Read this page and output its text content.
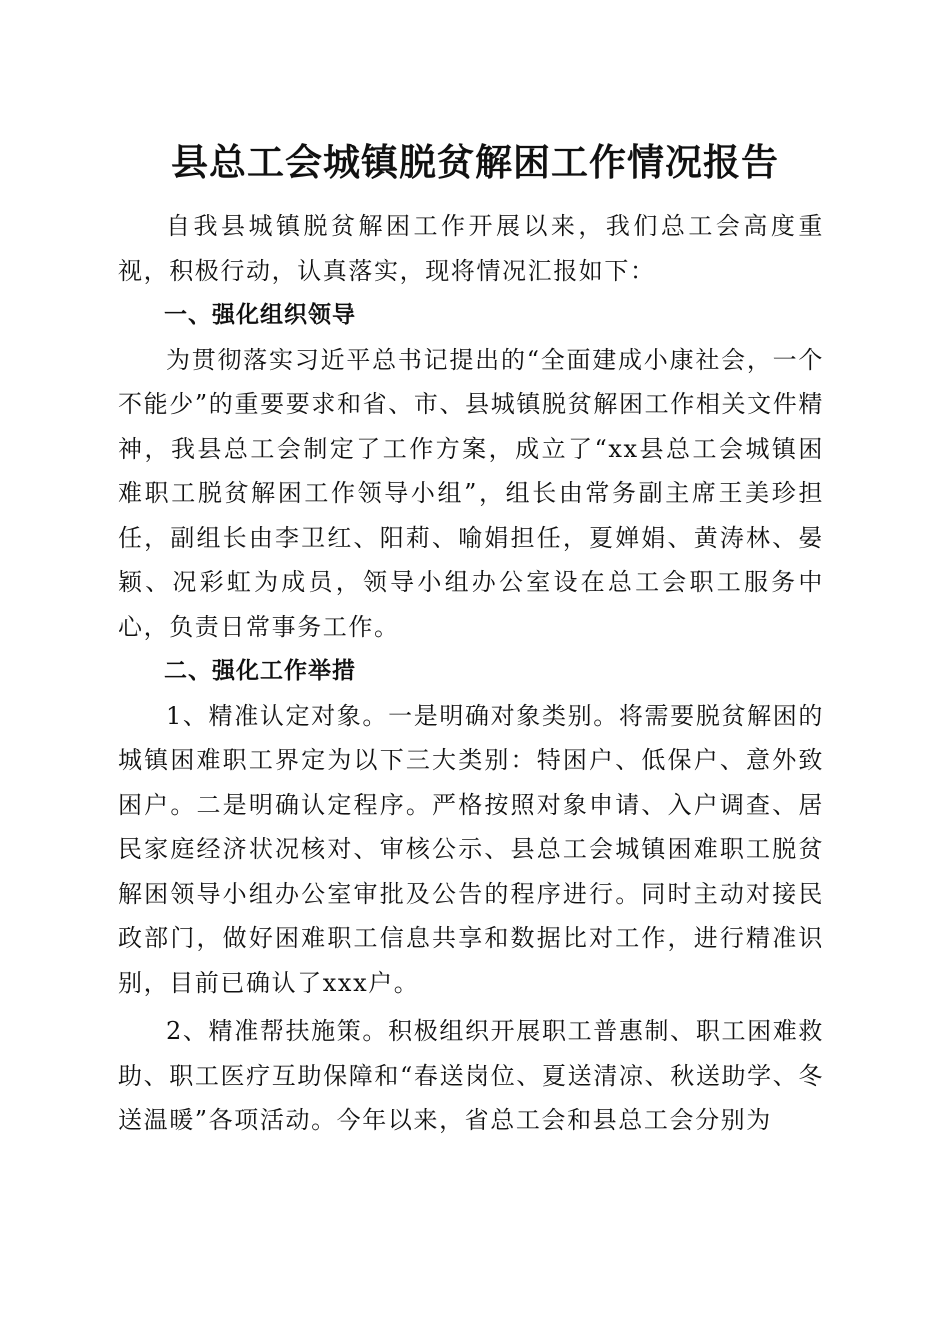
县总工会城镇脱贫解困工作情况报告

自我县城镇脱贫解困工作开展以来，我们总工会高度重视，积极行动，认真落实，现将情况汇报如下：

一、强化组织领导

为贯彻落实习近平总书记提出的“全面建成小康社会，一个不能少”的重要要求和省、市、县城镇脱贫解困工作相关文件精神，我县总工会制定了工作方案，成立了“xx县总工会城镇困难职工脱贫解困工作领导小组”，组长由常务副主席王美珍担任，副组长由李卫红、阳莉、喻娟担任，夏婵娟、黄涛林、晏颖、况彩虹为成员，领导小组办公室设在总工会职工服务中心，负责日常事务工作。

二、强化工作举措

1、精准认定对象。一是明确对象类别。将需要脱贫解困的城镇困难职工界定为以下三大类别：特困户、低保户、意外致困户。二是明确认定程序。严格按照对象申请、入户调查、居民家庭经济状况核对、审核公示、县总工会城镇困难职工脱贫解困领导小组办公室审批及公告的程序进行。同时主动对接民政部门，做好困难职工信息共享和数据比对工作，进行精准识别，目前已确认了xxx户。

2、精准帮扶施策。积极组织开展职工普惠制、职工困难救助、职工医疗互助保障和“春送岗位、夏送清凉、秋送助学、冬送温暖”各项活动。今年以来，省总工会和县总工会分别为
